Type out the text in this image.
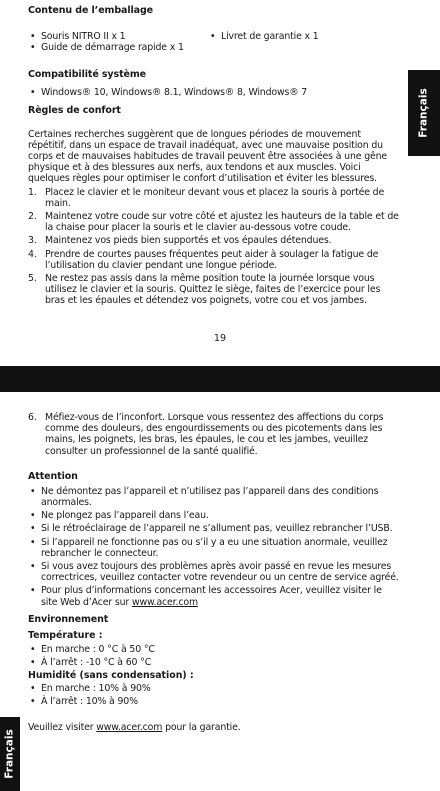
Français
Contenu de l’emballage
• Souris NITRO II x 1
•	Livret de garantie x 1
• Guide de démarrage rapide x 1
Compatibilité système
• Windows® 10, Windows® 8.1, Windows® 8, Windows® 7
Règles de confort

Certaines recherches suggèrent que de longues périodes de mouvement répétitif, dans un espace de travail inadéquat, avec une mauvaise position du corps et de mauvaises habitudes de travail peuvent être associées à une gêne physique et à des blessures aux nerfs, aux tendons et aux muscles. Voici quelques règles pour optimiser le confort d’utilisation et éviter les blessures.

1. Placez le clavier et le moniteur devant vous et placez la souris à portée de main.
2. Maintenez votre coude sur votre côté et ajustez les hauteurs de la table et de la chaise pour placer la souris et le clavier au-dessous votre coude.
3. Maintenez vos pieds bien supportés et vos épaules détendues.
4. Prendre de courtes pauses fréquentes peut aider à soulager la fatigue de l’utilisation du clavier pendant une longue période.
5. Ne restez pas assis dans la même position toute la journée lorsque vous utilisez le clavier et la souris. Quittez le siège, faites de l’exercice pour les bras et les épaules et détendez vos poignets, votre cou et vos jambes.
19
Français
6. Méfiez-vous de l’inconfort. Lorsque vous ressentez des affections du corps comme des douleurs, des engourdissements ou des picotements dans les mains, les poignets, les bras, les épaules, le cou et les jambes, veuillez consulter un professionnel de la santé qualifié.
Attention
• Ne démontez pas l’appareil et n’utilisez pas l’appareil dans des conditions anormales.
• Ne plongez pas l’appareil dans l’eau.
• Si le rétroéclairage de l’appareil ne s’allument pas, veuillez rebrancher l’USB.
• Si l’appareil ne fonctionne pas ou s’il y a eu une situation anormale, veuillez rebrancher le connecteur.
• Si vous avez toujours des problèmes après avoir passé en revue les mesures correctrices, veuillez contacter votre revendeur ou un centre de service agréé.
• Pour plus d’informations concernant les accessoires Acer, veuillez visiter le site Web d’Acer sur www.acer.com
Environnement
Température :
• En marche : 0 °C à 50 °C
• À l’arrêt : -10 °C à 60 °C
Humidité (sans condensation) :
• En marche : 10% à 90%
• À l’arrêt : 10% à 90%

Veuillez visiter www.acer.com pour la garantie.
